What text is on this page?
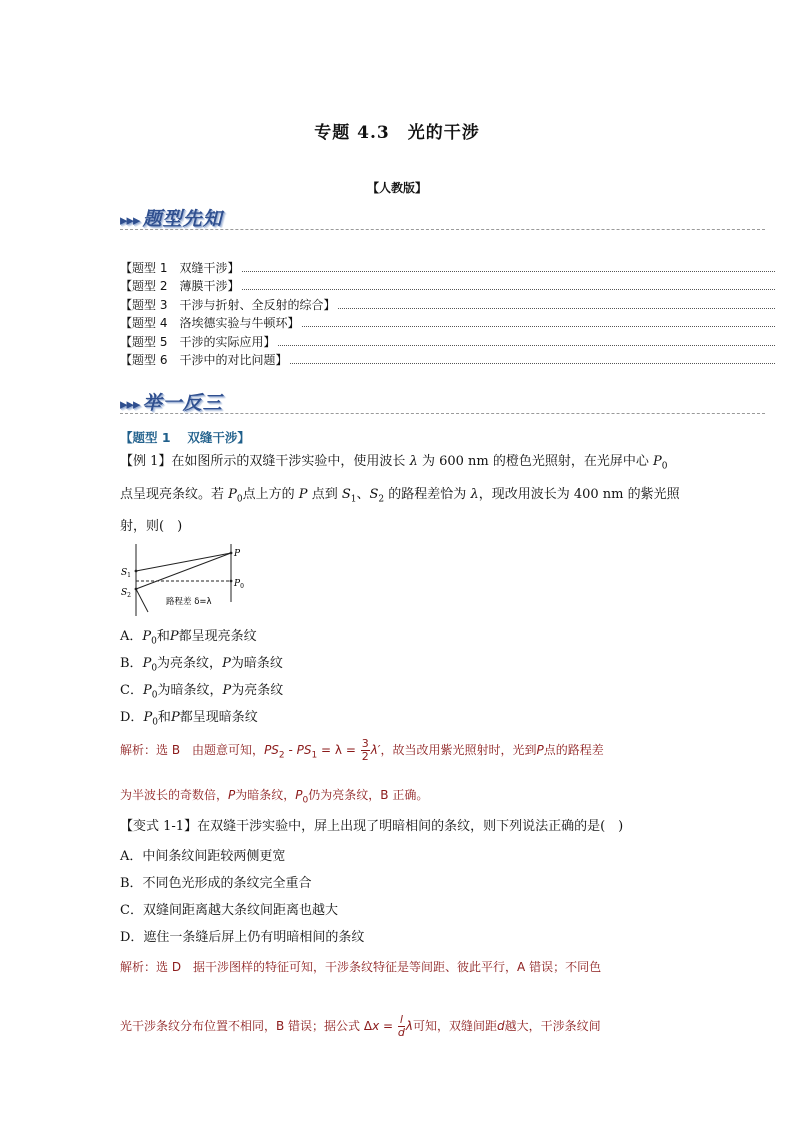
专题 4.3　光的干涉
【人教版】
▸▸▸ 题型先知
【题型 1　双缝干涉】
【题型 2　薄膜干涉】
【题型 3　干涉与折射、全反射的综合】
【题型 4　洛埃德实验与牛顿环】
【题型 5　干涉的实际应用】
【题型 6　干涉中的对比问题】
▸▸▸ 举一反三
【题型 1　 双缝干涉】
【例 1】在如图所示的双缝干涉实验中，使用波长 λ 为 600 nm 的橙色光照射，在光屏中心 $P_0$点呈现亮条纹。若 $P_0$点上方的 P 点到 $S_1$、$S_2$ 的路程差恰为 λ，现改用波长为 400 nm 的紫光照射，则(　)
P
$S_1$
$S_2$
$P_0$
路程差 δ=λ
A．$P_0$和P都呈现亮条纹
B．$P_0$为亮条纹，P为暗条纹
C．$P_0$为暗条纹，P为亮条纹
D．$P_0$和P都呈现暗条纹
解析：选 B　由题意可知，$PS_2 - PS_1 = \lambda = \frac{3}{2} \lambda'$，故当改用紫光照射时，光到P点的路程差
为半波长的奇数倍，P为暗条纹，$P_0$仍为亮条纹，B 正确。
【变式 1-1】在双缝干涉实验中，屏上出现了明暗相间的条纹，则下列说法正确的是(　)
A．中间条纹间距较两侧更宽
B．不同色光形成的条纹完全重合
C．双缝间距离越大条纹间距离也越大
D．遮住一条缝后屏上仍有明暗相间的条纹
解析：选 D　据干涉图样的特征可知，干涉条纹特征是等间距、彼此平行，A 错误；不同色
光干涉条纹分布位置不相同，B 错误；据公式 $\Delta x = \frac{l}{d}$ λ可知，双缝间距d越大，干涉条纹间
